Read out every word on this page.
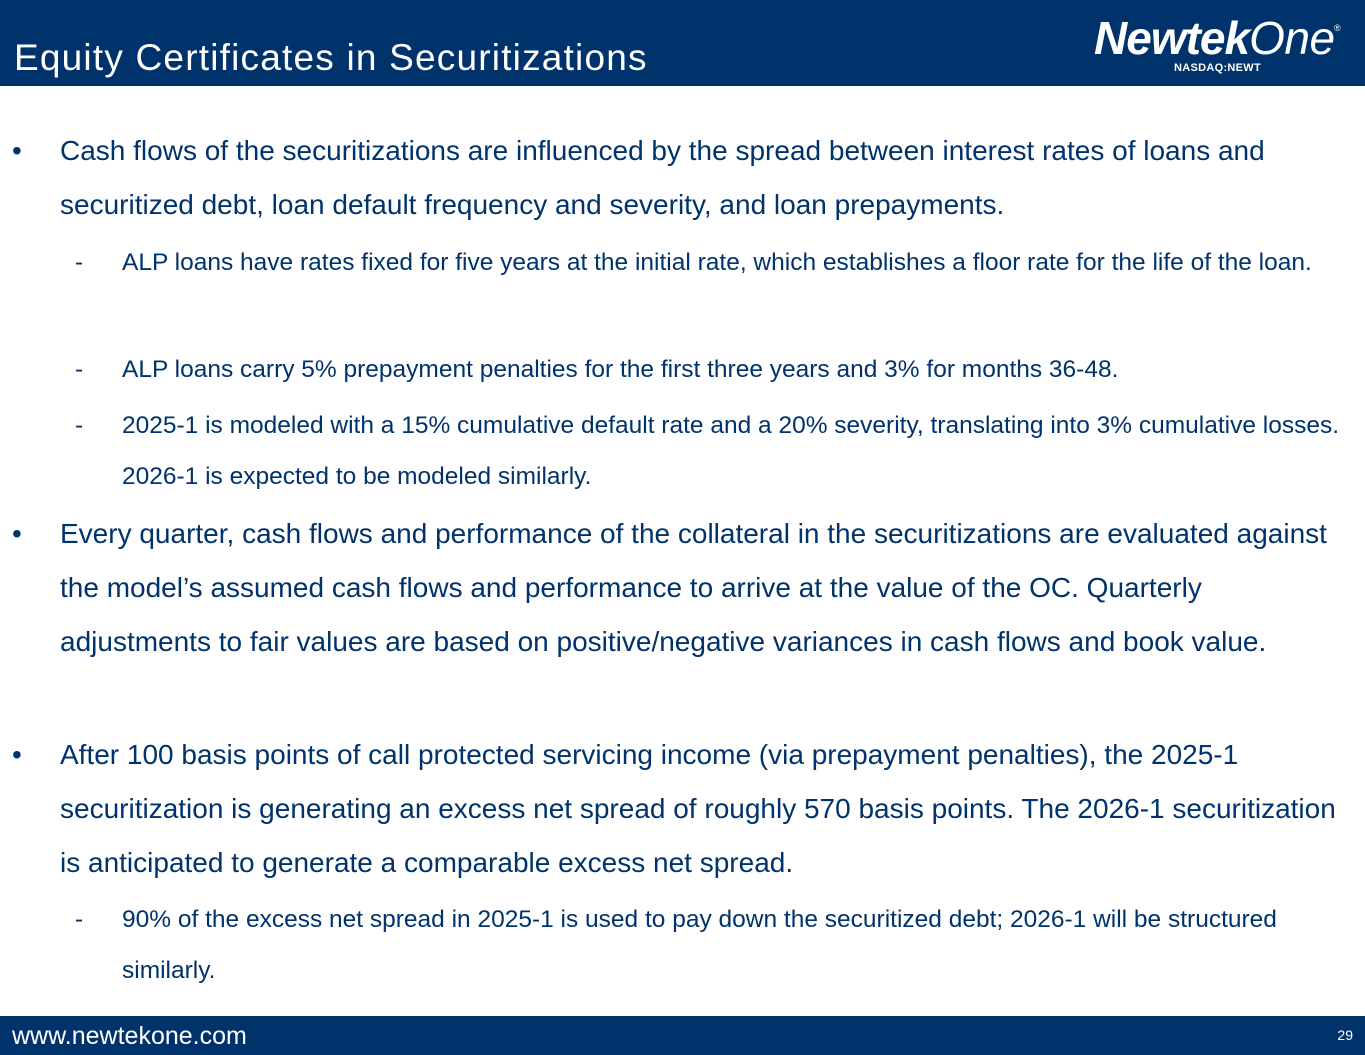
Equity Certificates in Securitizations	NewtekOne ®
NASDAQ:NEWT
• Cash flows of the securitizations are influenced by the spread between interest rates of loans and securitized debt, loan default frequency and severity, and loan prepayments.
- ALP loans have rates fixed for five years at the initial rate, which establishes a floor rate for the life of the loan.
- ALP loans carry 5% prepayment penalties for the first three years and 3% for months 36-48.
- 2025-1 is modeled with a 15% cumulative default rate and a 20% severity, translating into 3% cumulative losses. 2026-1 is expected to be modeled similarly.
• Every quarter, cash flows and performance of the collateral in the securitizations are evaluated against the model’s assumed cash flows and performance to arrive at the value of the OC. Quarterly adjustments to fair values are based on positive/negative variances in cash flows and book value.
• After 100 basis points of call protected servicing income (via prepayment penalties), the 2025-1 securitization is generating an excess net spread of roughly 570 basis points. The 2026-1 securitization is anticipated to generate a comparable excess net spread.
- 90% of the excess net spread in 2025-1 is used to pay down the securitized debt; 2026-1 will be structured similarly.
www.newtekone.com	29
